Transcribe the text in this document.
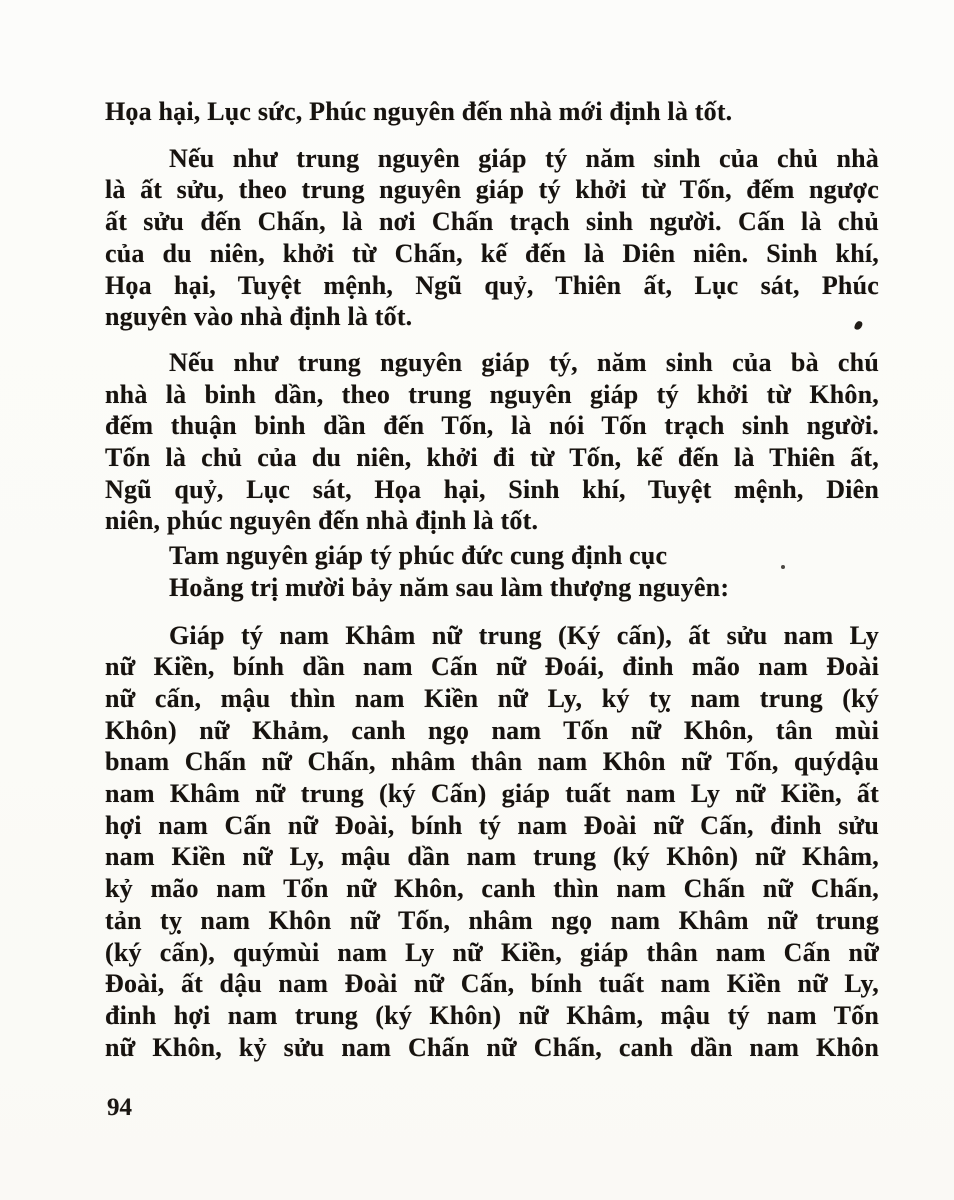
Họa hại, Lục sức, Phúc nguyên đến nhà mới định là tốt.
Nếu như trung nguyên giáp tý năm sinh của chủ nhà
là ất sửu, theo trung nguyên giáp tý khởi từ Tốn, đếm ngược
ất sửu đến Chấn, là nơi Chấn trạch sinh người. Cấn là chủ
của du niên, khởi từ Chấn, kế đến là Diên niên. Sinh khí,
Họa hại, Tuyệt mệnh, Ngũ quỷ, Thiên ất, Lục sát, Phúc
nguyên vào nhà định là tốt.
Nếu như trung nguyên giáp tý, năm sinh của bà chú
nhà là binh dần, theo trung nguyên giáp tý khởi từ Khôn,
đếm thuận binh dần đến Tốn, là nói Tốn trạch sinh người.
Tốn là chủ của du niên, khởi đi từ Tốn, kế đến là Thiên ất,
Ngũ quỷ, Lục sát, Họa hại, Sinh khí, Tuyệt mệnh, Diên
niên, phúc nguyên đến nhà định là tốt.
Tam nguyên giáp tý phúc đức cung định cục
Hoằng trị mười bảy năm sau làm thượng nguyên:
Giáp tý nam Khâm nữ trung (Ký cấn), ất sửu nam Ly
nữ Kiền, bính dần nam Cấn nữ Đoái, đinh mão nam Đoài
nữ cấn, mậu thìn nam Kiền nữ Ly, ký tỵ nam trung (ký
Khôn) nữ Khảm, canh ngọ nam Tốn nữ Khôn, tân mùi
bnam Chấn nữ Chấn, nhâm thân nam Khôn nữ Tốn, quýdậu
nam Khâm nữ trung (ký Cấn) giáp tuất nam Ly nữ Kiền, ất
hợi nam Cấn nữ Đoài, bính tý nam Đoài nữ Cấn, đinh sửu
nam Kiền nữ Ly, mậu dần nam trung (ký Khôn) nữ Khâm,
kỷ mão nam Tổn nữ Khôn, canh thìn nam Chấn nữ Chấn,
tản tỵ nam Khôn nữ Tốn, nhâm ngọ nam Khâm nữ trung
(ký cấn), quýmùi nam Ly nữ Kiền, giáp thân nam Cấn nữ
Đoài, ất dậu nam Đoài nữ Cấn, bính tuất nam Kiền nữ Ly,
đinh hợi nam trung (ký Khôn) nữ Khâm, mậu tý nam Tốn
nữ Khôn, kỷ sửu nam Chấn nữ Chấn, canh dần nam Khôn
94
